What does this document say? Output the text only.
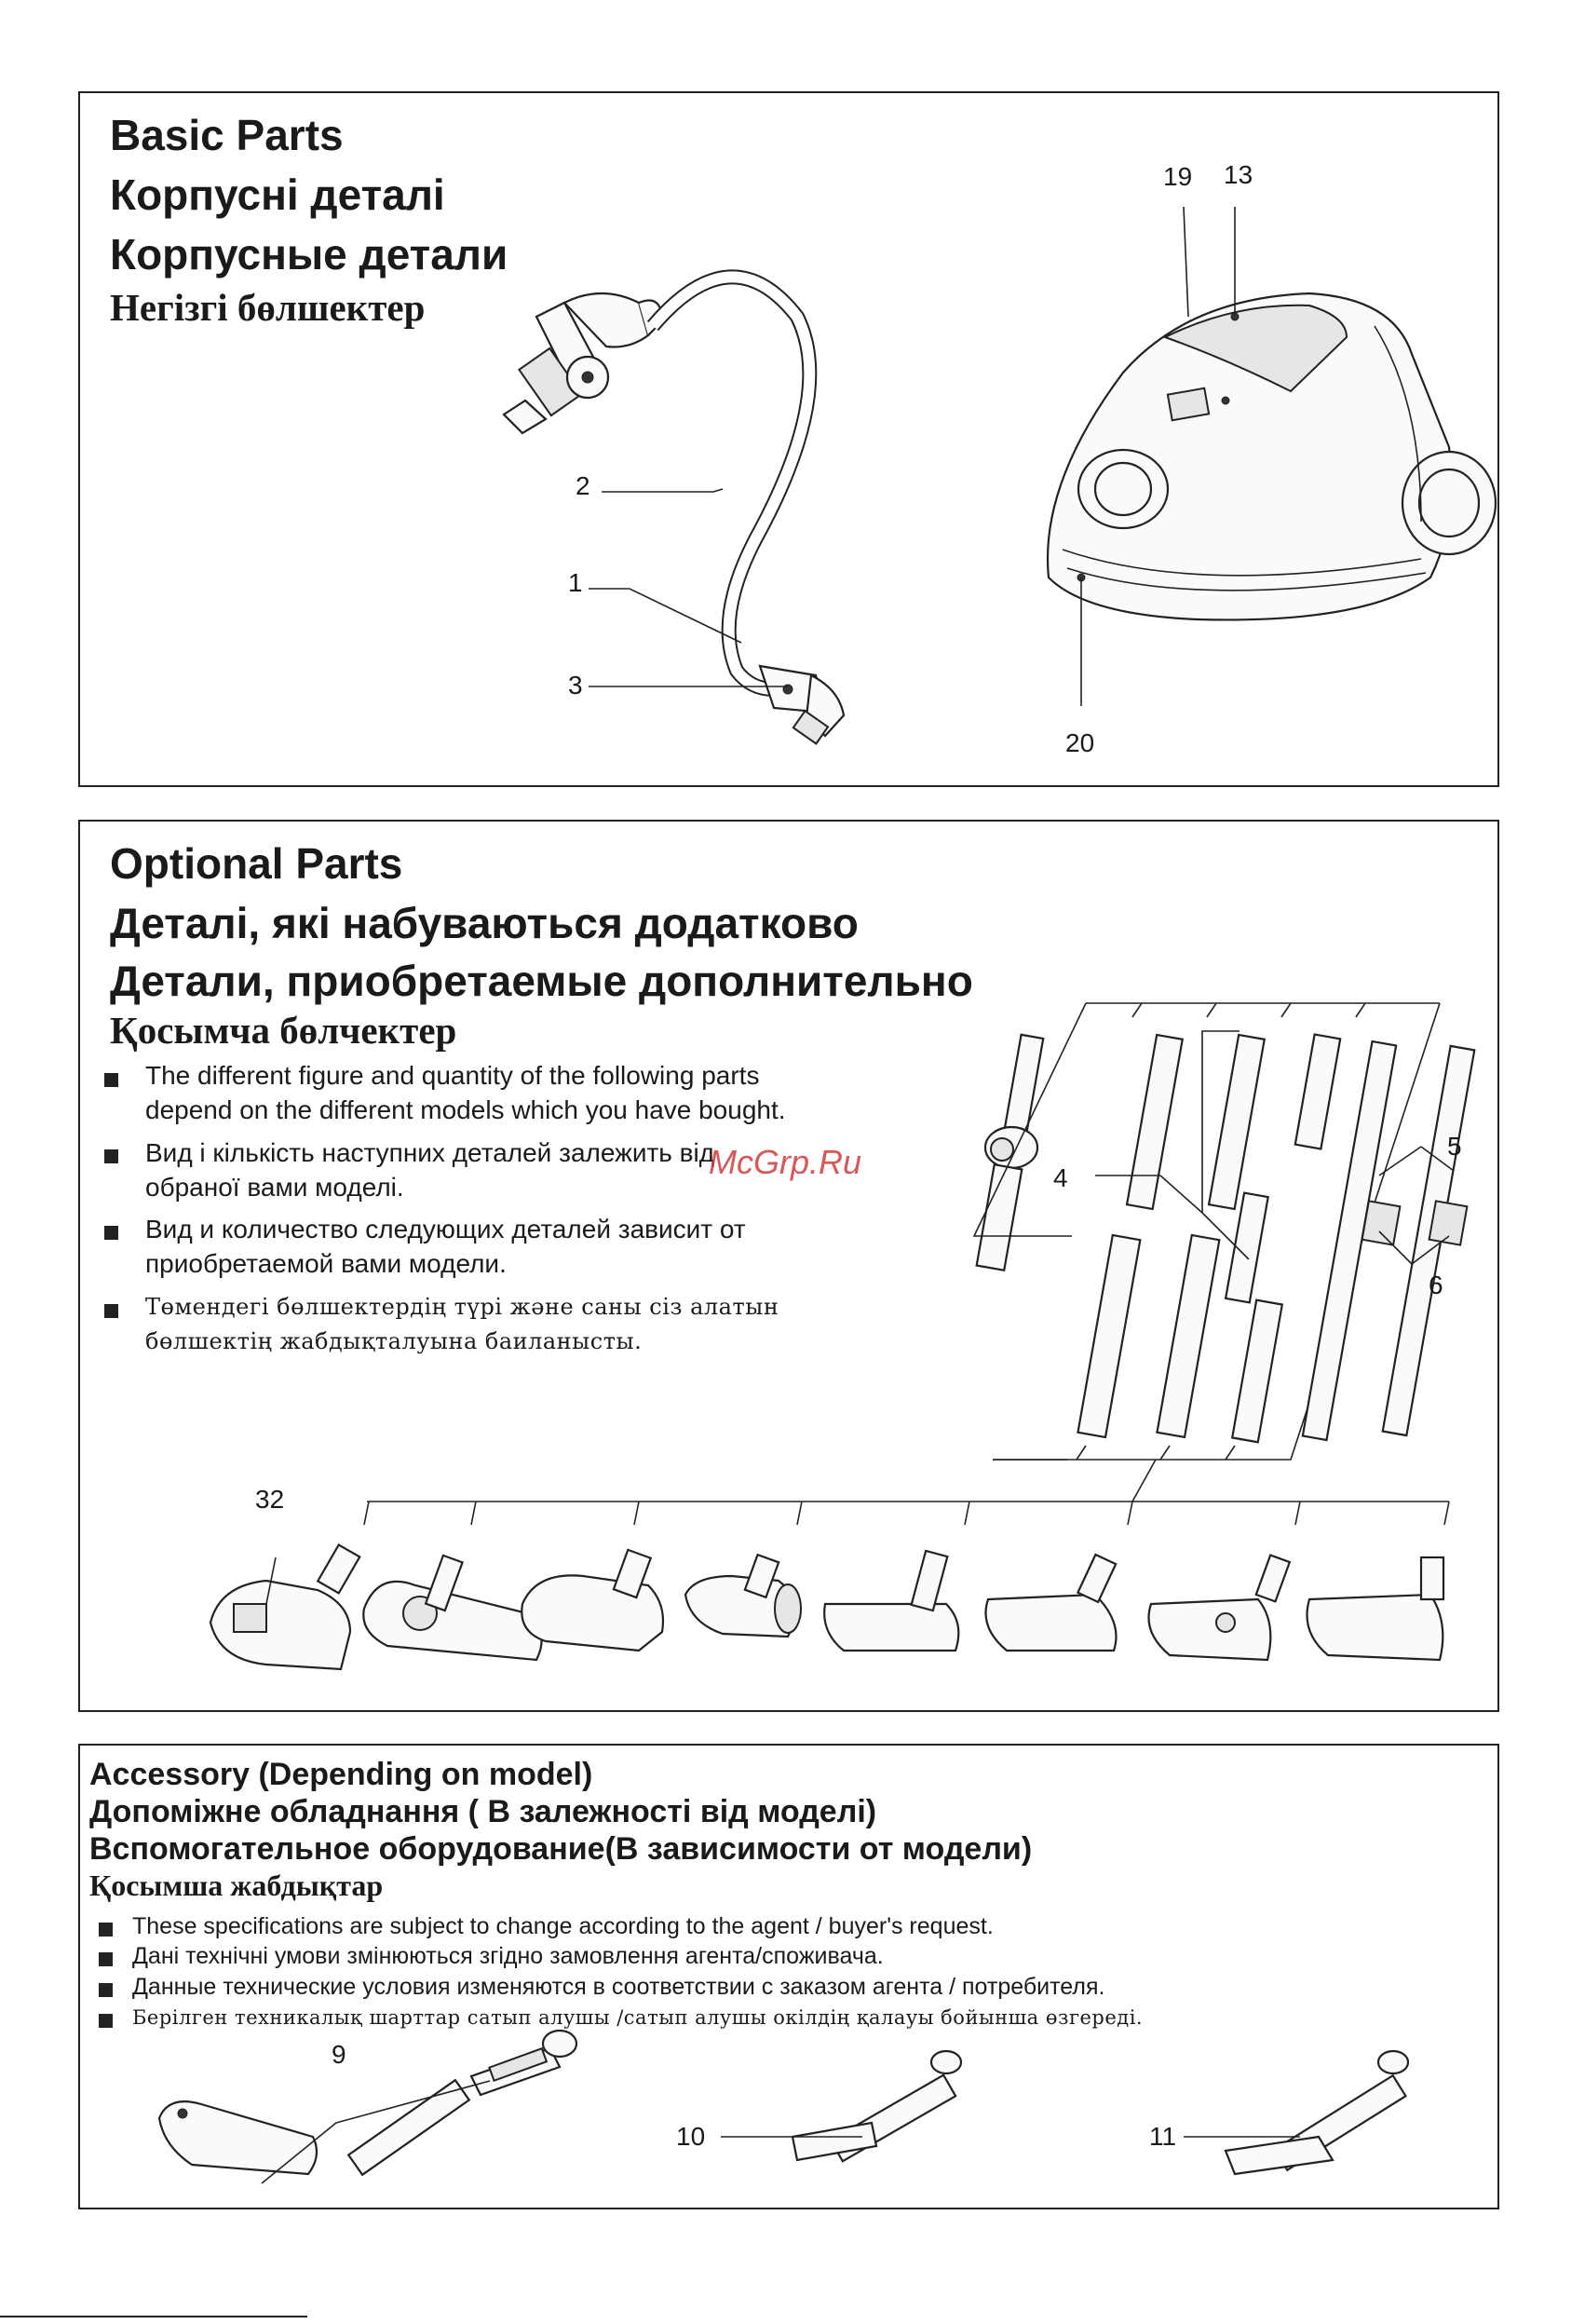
Basic Parts
Корпусні деталі
Корпусные детали
Негізгі бөлшектер
19 13
2
1
3
20
Optional Parts
Деталі, які набуваються додатково
Детали, приобретаемые дополнительно
Қосымча бөлчектер
The different figure and quantity of the following parts
depend on the different models which you have bought.
Вид і кількість наступних деталей залежить від
обраної вами моделі.
Вид и количество следующих деталей зависит от
приобретаемой вами модели.
Төмендегі бөлшектердің түрі және саны сіз алатын
бөлшектің жабдықталуына баиланысты.
McGrp.Ru	4
5
6
32
Accessory (Depending on model)
Допоміжне обладнання ( В залежності від моделі)
Вспомогательное оборудование(В зависимости от модели)
Қосымша жабдықтар
These specifications are subject to change according to the agent / buyer's request.
Дані технічні умови змінюються згідно замовлення агента/споживача.
Данные технические условия изменяются в соответствии с заказом агента / потребителя.
Берілген техникалық шарттар сатып алушы /сатып алушы окілдің қалауы бойынша өзгереді.
9
10	11
